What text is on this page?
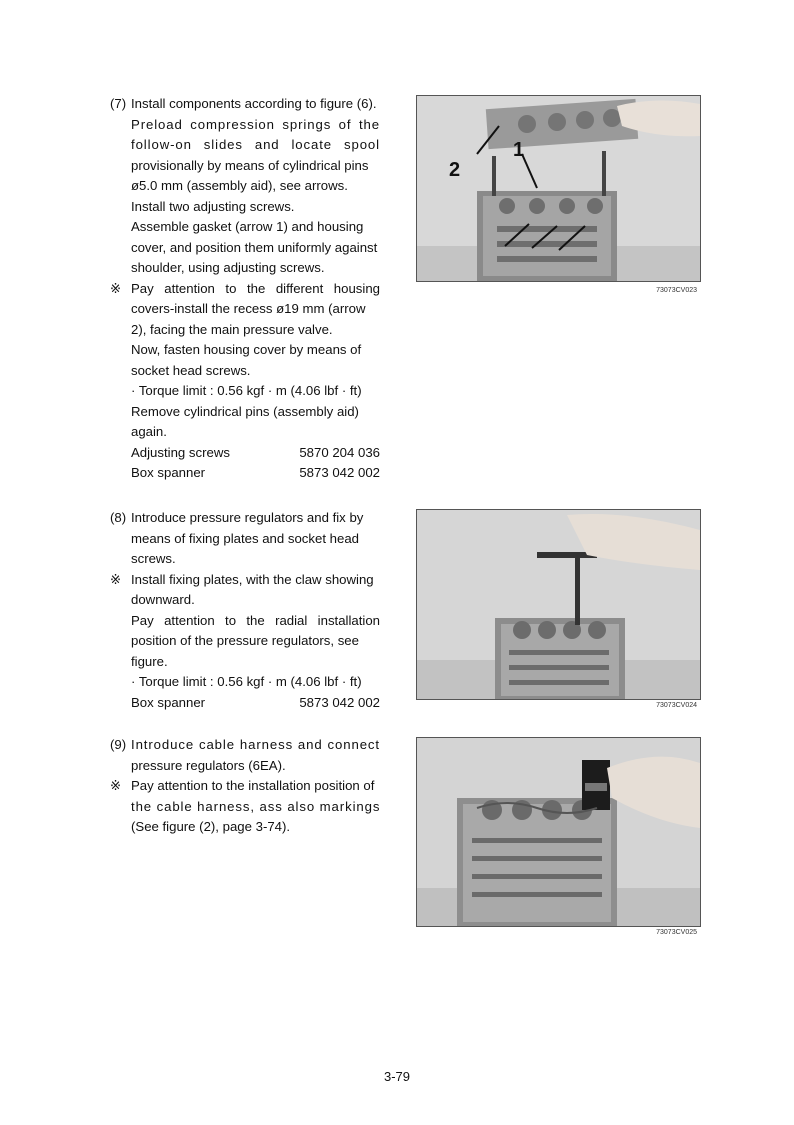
(7) Install components according to figure (6).
Preload compression springs of the
follow-on slides and locate spool
provisionally by means of cylindrical pins
ø5.0 mm (assembly aid), see arrows.
Install two adjusting screws.
Assemble gasket (arrow 1) and housing
cover, and position them uniformly against
shoulder, using adjusting screws.
※ Pay attention to the different housing
covers-install the recess ø19 mm (arrow
2), facing the main pressure valve.
Now, fasten housing cover by means of
socket head screws.
· Torque limit : 0.56 kgf · m (4.06 lbf · ft)
Remove cylindrical pins (assembly aid)
again.
Adjusting screws	5870 204 036
Box spanner	5873 042 002
(8) Introduce pressure regulators and fix by
means of fixing plates and socket head
screws.
※ Install fixing plates, with the claw showing
downward.
Pay attention to the radial installation
position of the pressure regulators, see
figure.
· Torque limit : 0.56 kgf · m (4.06 lbf · ft)
Box spanner	5873 042 002
(9) Introduce cable harness and connect
pressure regulators (6EA).
※ Pay attention to the installation position of
the cable harness, ass also markings
(See figure (2), page 3-74).
2
1
73073CV023
73073CV024
73073CV025
3-79
